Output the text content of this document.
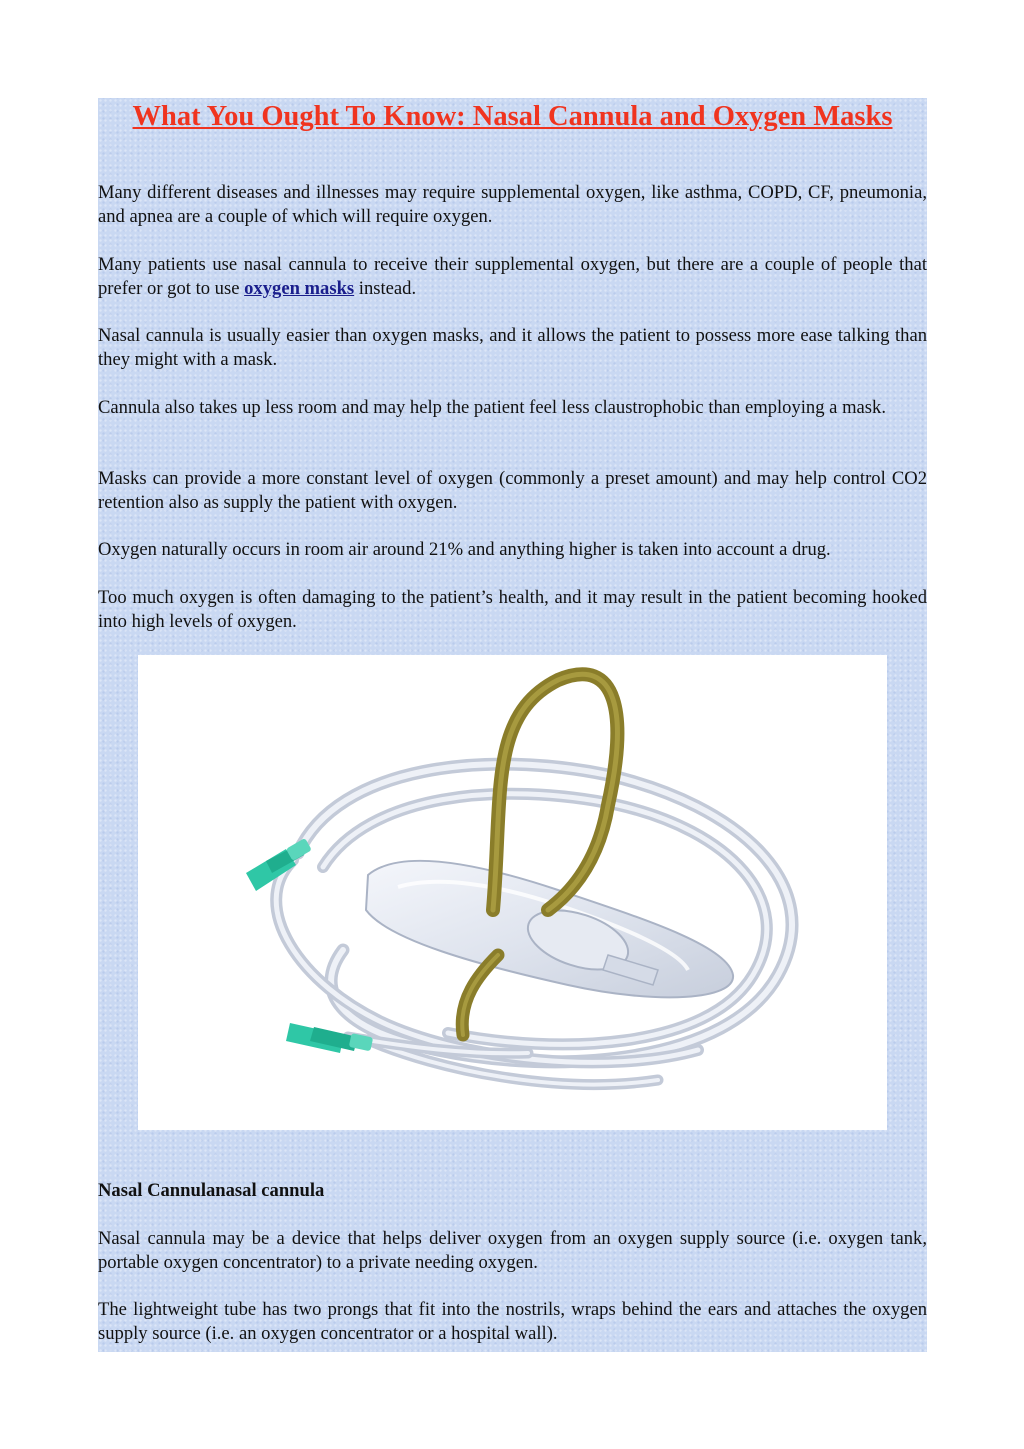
What You Ought To Know: Nasal Cannula and Oxygen Masks

Many different diseases and illnesses may require supplemental oxygen, like asthma, COPD, CF, pneumonia, and apnea are a couple of which will require oxygen.

Many patients use nasal cannula to receive their supplemental oxygen, but there are a couple of people that prefer or got to use oxygen masks instead.

Nasal cannula is usually easier than oxygen masks, and it allows the patient to possess more ease talking than they might with a mask.

Cannula also takes up less room and may help the patient feel less claustrophobic than employing a mask.

Masks can provide a more constant level of oxygen (commonly a preset amount) and may help control CO2 retention also as supply the patient with oxygen.

Oxygen naturally occurs in room air around 21% and anything higher is taken into account a drug.

Too much oxygen is often damaging to the patient’s health, and it may result in the patient becoming hooked into high levels of oxygen.

Nasal Cannulanasal cannula

Nasal cannula may be a device that helps deliver oxygen from an oxygen supply source (i.e. oxygen tank, portable oxygen concentrator) to a private needing oxygen.

The lightweight tube has two prongs that fit into the nostrils, wraps behind the ears and attaches the oxygen supply source (i.e. an oxygen concentrator or a hospital wall).
